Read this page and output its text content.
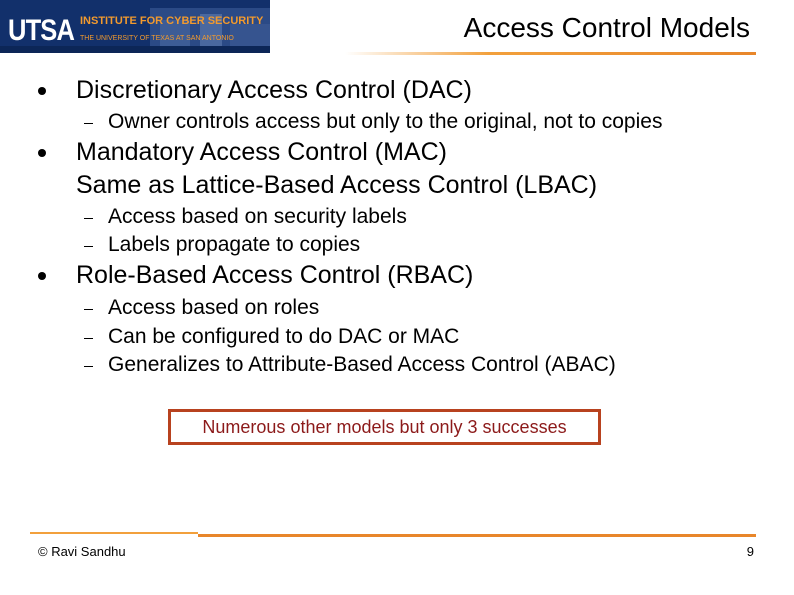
UTSA INSTITUTE FOR CYBER SECURITY
THE UNIVERSITY OF TEXAS AT SAN ANTONIO	Access Control Models
Discretionary Access Control (DAC)
Owner controls access but only to the original, not to copies
Mandatory Access Control (MAC)
Same as Lattice-Based Access Control (LBAC)
Access based on security labels
Labels propagate to copies
Role-Based Access Control (RBAC)
Access based on roles
Can be configured to do DAC or MAC
Generalizes to Attribute-Based Access Control (ABAC)
Numerous other models but only 3 successes
© Ravi Sandhu	9
